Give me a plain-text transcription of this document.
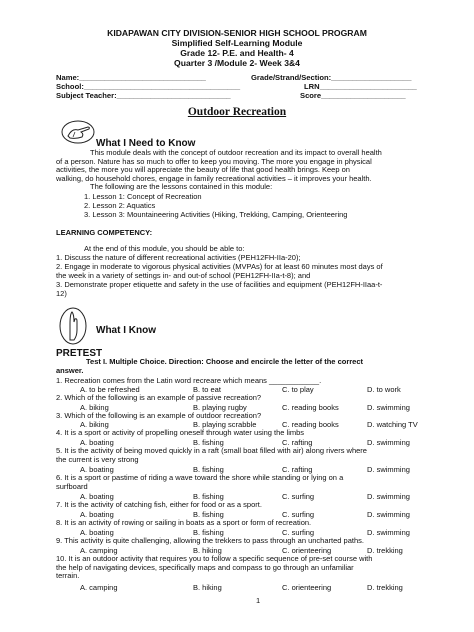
KIDAPAWAN CITY DIVISION-SENIOR HIGH SCHOOL PROGRAM
Simplified Self-Learning Module
Grade 12- P.E. and Health- 4
Quarter 3 /Module 2- Week 3&4
Name:______________________________	Grade/Strand/Section:___________________
School:_____________________________________	LRN_______________________
Subject Teacher:___________________________	Score____________________
Outdoor Recreation
What I Need to Know
This module deals with the concept of outdoor recreation and its impact to overall health
of a person. Nature has so much to offer to keep you moving. The more you engage in physical
activities, the more you will appreciate the beauty of life that good health brings. Keep on
walking, do household chores, engage in family recreational activities – it improves your health.
The following are the lessons contained in this module:
1. Lesson 1: Concept of Recreation
2. Lesson 2: Aquatics
3. Lesson 3: Mountaineering Activities (Hiking, Trekking, Camping, Orienteering
LEARNING COMPETENCY:
At the end of this module, you should be able to:
1. Discuss the nature of different recreational activities (PEH12FH-IIa-20);
2. Engage in moderate to vigorous physical activities (MVPAs) for at least 60 minutes most days of
the week in a variety of settings in- and out-of school (PEH12FH-IIa-t-8); and
3. Demonstrate proper etiquette and safety in the use of facilities and equipment (PEH12FH-IIaa-t-
12)
What I Know
PRETEST
Test I. Multiple Choice. Direction: Choose and encircle the letter of the correct
answer.
1. Recreation comes from the Latin word recreare which means ____________.
A. to be refreshed	B. to eat	C. to play	D. to work
2. Which of the following is an example of passive recreation?
A. biking	B. playing rugby	C. reading books	D. swimming
3. Which of the following is an example of outdoor recreation?
A. biking	B. playing scrabble	C. reading books	D. watching TV
4. It is a sport or activity of propelling oneself through water using the limbs
A. boating	B. fishing	C. rafting	D. swimming
5. It is the activity of being moved quickly in a raft (small boat filled with air) along rivers where
the current is very strong
A. boating	B. fishing	C. rafting	D. swimming
6. It is a sport or pastime of riding a wave toward the shore while standing or lying on a
surfboard
A. boating	B. fishing	C. surfing	D. swimming
7. It is the activity of catching fish, either for food or as a sport.
A. boating	B. fishing	C. surfing	D. swimming
8. It is an activity of rowing or sailing in boats as a sport or form of recreation.
A. boating	B. fishing	C. surfing	D. swimming
9. This activity is quite challenging, allowing the trekkers to pass through an uncharted paths.
A. camping	B. hiking	C. orienteering	D. trekking
10. It is an outdoor activity that requires you to follow a specific sequence of pre-set course with
the help of navigating devices, specifically maps and compass to go through an unfamiliar
terrain.
A. camping	B. hiking	C. orienteering	D. trekking
1
